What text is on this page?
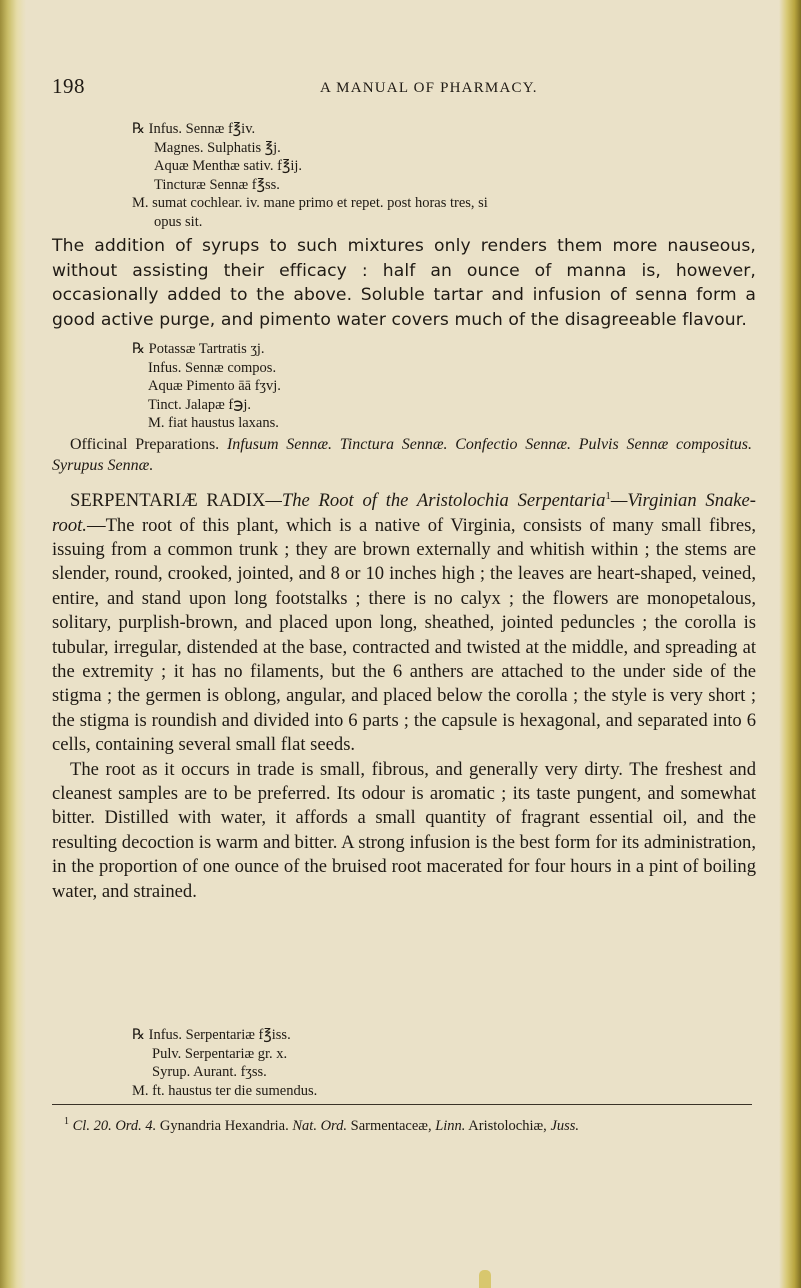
198	A MANUAL OF PHARMACY.
℞ Infus. Sennæ f℥iv.
Magnes. Sulphatis ℥j.
Aquæ Menthæ sativ. f℥ij.
Tincturæ Sennæ f℥ss.
M. sumat cochlear. iv. mane primo et repet. post horas tres, si
opus sit.

The addition of syrups to such mixtures only renders them more nauseous, without assisting their efficacy : half an ounce of manna is, however, occasionally added to the above. Soluble tartar and infusion of senna form a good active purge, and pimento water covers much of the disagreeable flavour.

℞ Potassæ Tartratis ʒj.
Infus. Sennæ compos.
Aquæ Pimento āā fʒvj.
Tinct. Jalapæ f℈j.
M. fiat haustus laxans.

Officinal Preparations. Infusum Sennæ. Tinctura Sennæ. Confectio Sennæ. Pulvis Sennæ compositus. Syrupus Sennæ.

SERPENTARIÆ RADIX—The Root of the Aristolochia Serpentaria$^1$—Virginian Snake-root.—The root of this plant, which is a native of Virginia, consists of many small fibres, issuing from a common trunk ; they are brown externally and whitish within ; the stems are slender, round, crooked, jointed, and 8 or 10 inches high ; the leaves are heart-shaped, veined, entire, and stand upon long footstalks ; there is no calyx ; the flowers are monopetalous, solitary, purplish-brown, and placed upon long, sheathed, jointed peduncles ; the corolla is tubular, irregular, distended at the base, contracted and twisted at the middle, and spreading at the extremity ; it has no filaments, but the 6 anthers are attached to the under side of the stigma ; the germen is oblong, angular, and placed below the corolla ; the style is very short ; the stigma is roundish and divided into 6 parts ; the capsule is hexagonal, and separated into 6 cells, containing several small flat seeds.

The root as it occurs in trade is small, fibrous, and generally very dirty. The freshest and cleanest samples are to be preferred. Its odour is aromatic ; its taste pungent, and somewhat bitter. Distilled with water, it affords a small quantity of fragrant essential oil, and the resulting decoction is warm and bitter. A strong infusion is the best form for its administration, in the proportion of one ounce of the bruised root macerated for four hours in a pint of boiling water, and strained.

℞ Infus. Serpentariæ f℥iss.
Pulv. Serpentariæ gr. x.
Syrup. Aurant. fʒss.
M. ft. haustus ter die sumendus.

$^1$ Cl. 20. Ord. 4. Gynandria Hexandria. Nat. Ord. Sarmentaceæ, Linn. Aristolochiæ, Juss.
